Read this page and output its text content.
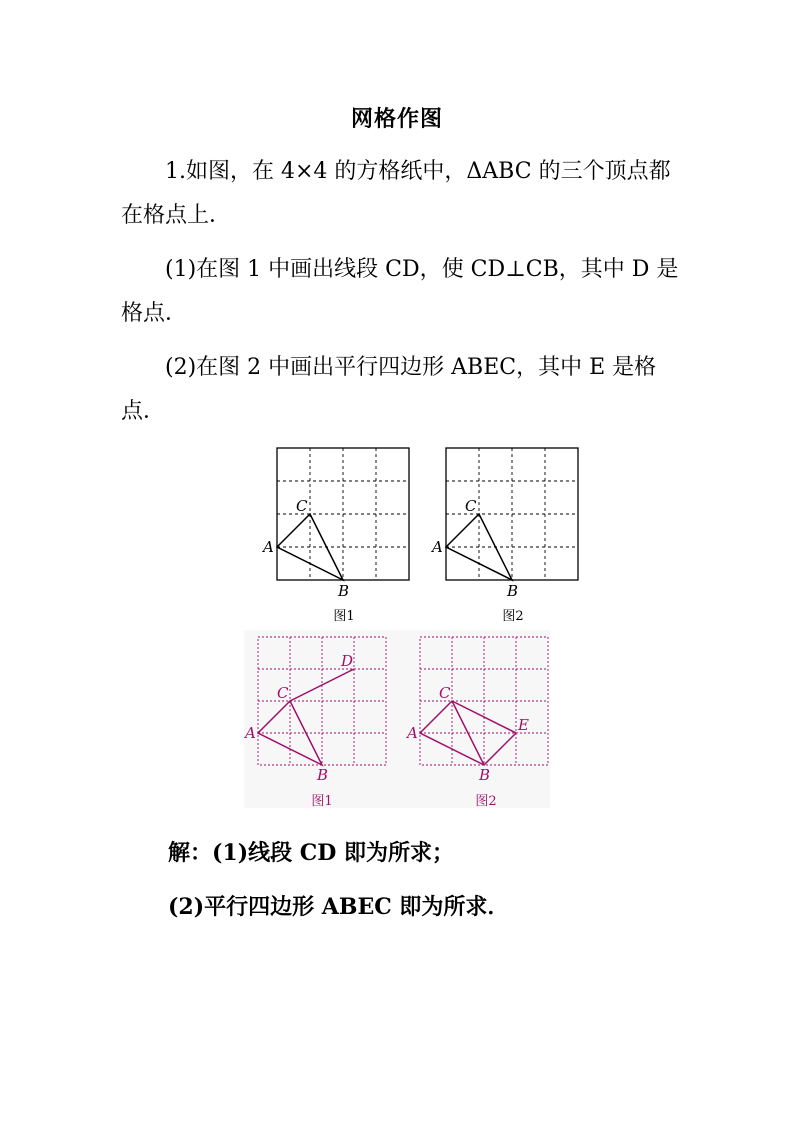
网格作图
1.如图，在 4×4 的方格纸中，ΔABC 的三个顶点都在格点上．
(1)在图 1 中画出线段 CD，使 CD⊥CB，其中 D 是格点．
(2)在图 2 中画出平行四边形 ABEC，其中 E 是格点．
C
A
B
图1
C
A
B
图2
C
A
B
D
图1
C
A
B
E
图2
解：(1)线段 CD 即为所求；
(2)平行四边形 ABEC 即为所求．
